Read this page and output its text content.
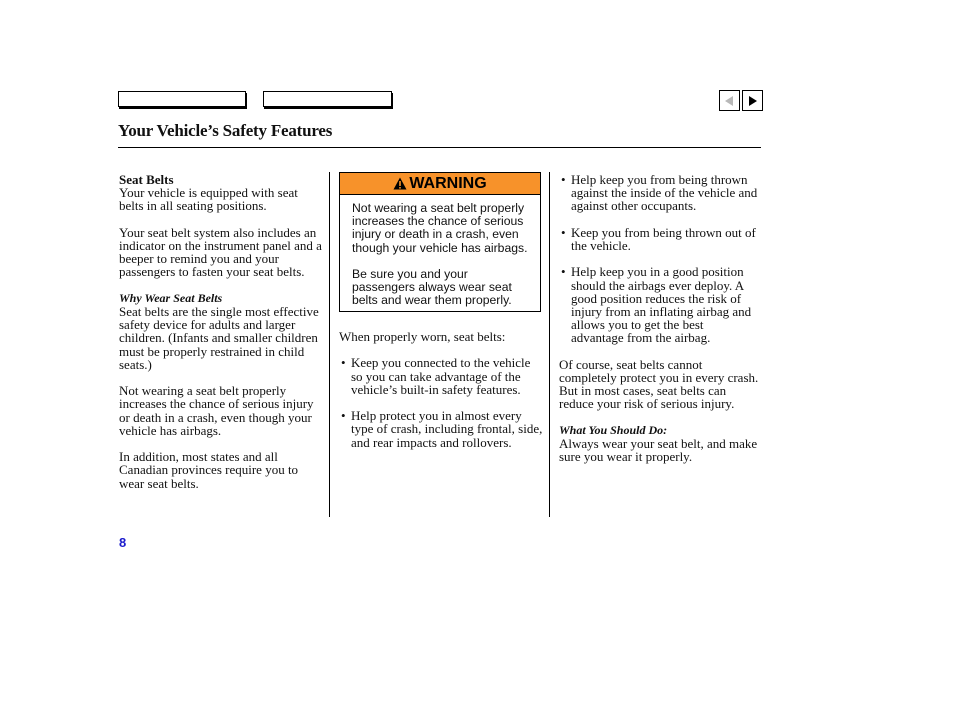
Your Vehicle’s Safety Features
Seat Belts

Your vehicle is equipped with seat belts in all seating positions.

Your seat belt system also includes an indicator on the instrument panel and a beeper to remind you and your passengers to fasten your seat belts.

Why Wear Seat Belts

Seat belts are the single most effective safety device for adults and larger children. (Infants and smaller children must be properly restrained in child seats.)

Not wearing a seat belt properly increases the chance of serious injury or death in a crash, even though your vehicle has airbags.

In addition, most states and all Canadian provinces require you to wear seat belts.

WARNING

Not wearing a seat belt properly increases the chance of serious injury or death in a crash, even though your vehicle has airbags.

Be sure you and your passengers always wear seat belts and wear them properly.

When properly worn, seat belts:

• Keep you connected to the vehicle so you can take advantage of the vehicle’s built-in safety features.
• Help protect you in almost every type of crash, including frontal, side, and rear impacts and rollovers.
• Help keep you from being thrown against the inside of the vehicle and against other occupants.
• Keep you from being thrown out of the vehicle.
• Help keep you in a good position should the airbags ever deploy. A good position reduces the risk of injury from an inflating airbag and allows you to get the best advantage from the airbag.

Of course, seat belts cannot completely protect you in every crash. But in most cases, seat belts can reduce your risk of serious injury.

What You Should Do:

Always wear your seat belt, and make sure you wear it properly.

8
